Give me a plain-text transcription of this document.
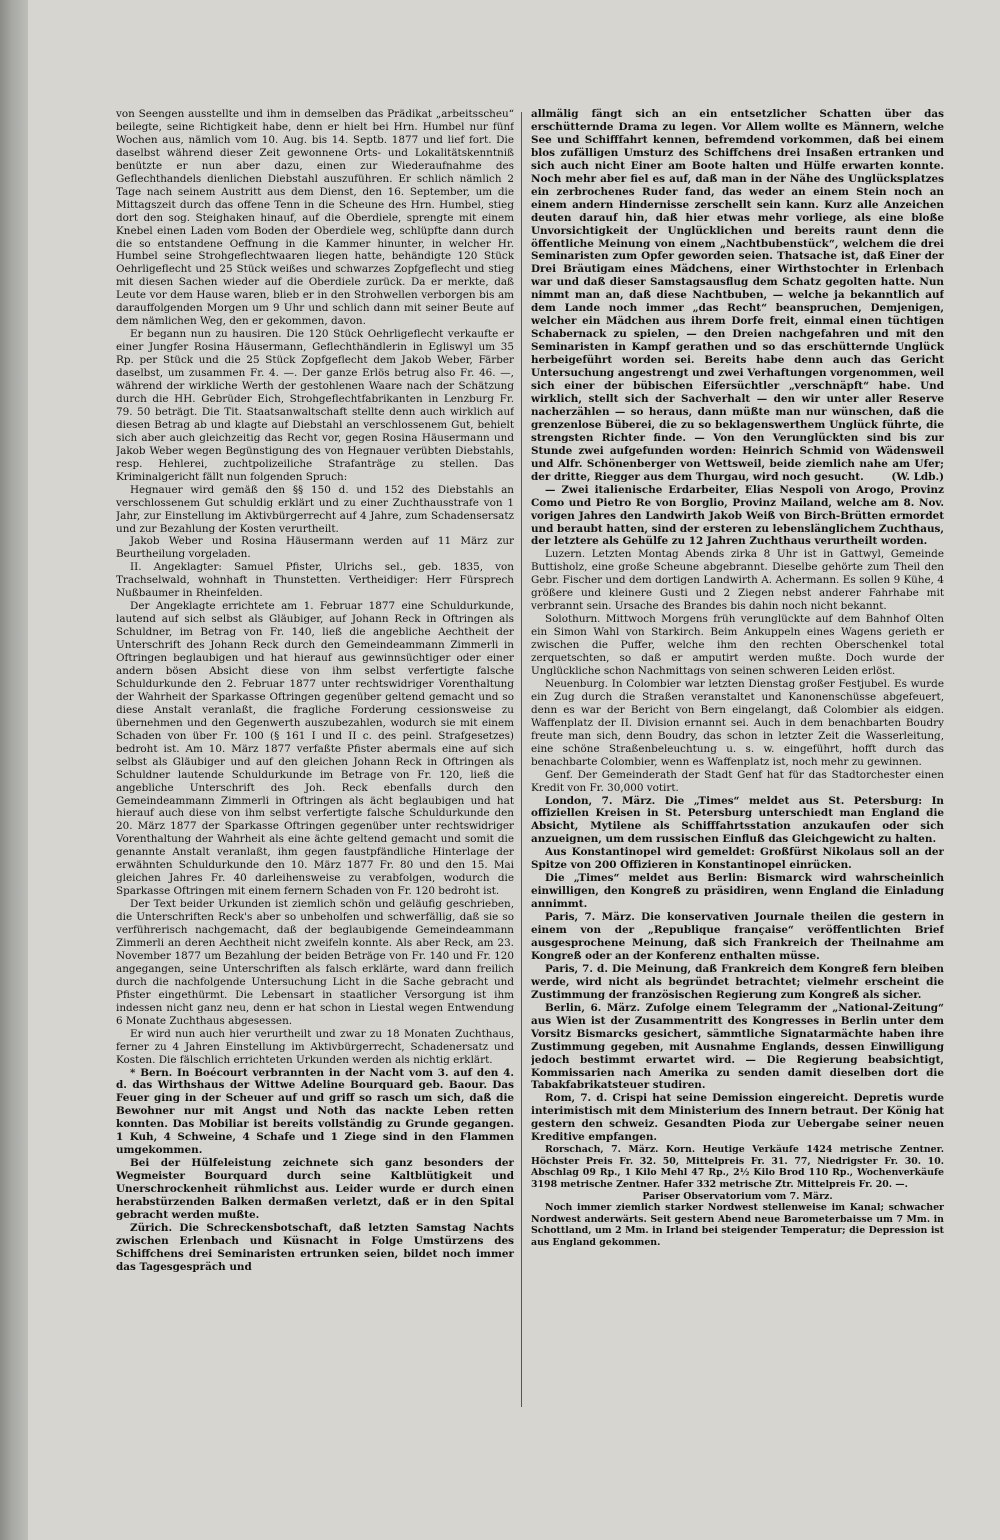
von Seengen ausstellte und ihm in demselben das Prädikat „arbeitsscheu“ beilegte, seine Richtigkeit habe, denn er hielt bei Hrn. Humbel nur fünf Wochen aus, nämlich vom 10. Aug. bis 14. Septb. 1877 und lief fort. Die daselbst während dieser Zeit gewonnene Orts- und Lokalitätskenntniß benützte er nun aber dazu, einen zur Wiederaufnahme des Geflechthandels dienlichen Diebstahl auszuführen. Er schlich nämlich 2 Tage nach seinem Austritt aus dem Dienst, den 16. September, um die Mittagszeit durch das offene Tenn in die Scheune des Hrn. Humbel, stieg dort den sog. Steighaken hinauf, auf die Oberdiele, sprengte mit einem Knebel einen Laden vom Boden der Oberdiele weg, schlüpfte dann durch die so entstandene Oeffnung in die Kammer hinunter, in welcher Hr. Humbel seine Strohgeflechtwaaren liegen hatte, behändigte 120 Stück Oehrligeflecht und 25 Stück weißes und schwarzes Zopfgeflecht und stieg mit diesen Sachen wieder auf die Oberdiele zurück. Da er merkte, daß Leute vor dem Hause waren, blieb er in den Strohwellen verborgen bis am darauffolgenden Morgen um 9 Uhr und schlich dann mit seiner Beute auf dem nämlichen Weg, den er gekommen, davon.

Er begann nun zu hausiren. Die 120 Stück Oehrligeflecht verkaufte er einer Jungfer Rosina Häusermann, Geflechthändlerin in Egliswyl um 35 Rp. per Stück und die 25 Stück Zopfgeflecht dem Jakob Weber, Färber daselbst, um zusammen Fr. 4. —. Der ganze Erlös betrug also Fr. 46. —, während der wirkliche Werth der gestohlenen Waare nach der Schätzung durch die HH. Gebrüder Eich, Strohgeflechtfabrikanten in Lenzburg Fr. 79. 50 beträgt. Die Tit. Staatsanwaltschaft stellte denn auch wirklich auf diesen Betrag ab und klagte auf Diebstahl an verschlossenem Gut, behielt sich aber auch gleichzeitig das Recht vor, gegen Rosina Häusermann und Jakob Weber wegen Begünstigung des von Hegnauer verübten Diebstahls, resp. Hehlerei, zuchtpolizeiliche Strafanträge zu stellen. Das Kriminalgericht fällt nun folgenden Spruch:

Hegnauer wird gemäß den §§ 150 d. und 152 des Diebstahls an verschlossenem Gut schuldig erklärt und zu einer Zuchthausstrafe von 1 Jahr, zur Einstellung im Aktivbürgerrecht auf 4 Jahre, zum Schadensersatz und zur Bezahlung der Kosten verurtheilt.

Jakob Weber und Rosina Häusermann werden auf 11 März zur Beurtheilung vorgeladen.

II. Angeklagter: Samuel Pfister, Ulrichs sel., geb. 1835, von Trachselwald, wohnhaft in Thunstetten. Vertheidiger: Herr Fürsprech Nußbaumer in Rheinfelden.

Der Angeklagte errichtete am 1. Februar 1877 eine Schuldurkunde, lautend auf sich selbst als Gläubiger, auf Johann Reck in Oftringen als Schuldner, im Betrag von Fr. 140, ließ die angebliche Aechtheit der Unterschrift des Johann Reck durch den Gemeindeammann Zimmerli in Oftringen beglaubigen und hat hierauf aus gewinnsüchtiger oder einer andern bösen Absicht diese von ihm selbst verfertigte falsche Schuldurkunde den 2. Februar 1877 unter rechtswidriger Vorenthaltung der Wahrheit der Sparkasse Oftringen gegenüber geltend gemacht und so diese Anstalt veranlaßt, die fragliche Forderung cessionsweise zu übernehmen und den Gegenwerth auszubezahlen, wodurch sie mit einem Schaden von über Fr. 100 (§ 161 I und II c. des peinl. Strafgesetzes) bedroht ist. Am 10. März 1877 verfaßte Pfister abermals eine auf sich selbst als Gläubiger und auf den gleichen Johann Reck in Oftringen als Schuldner lautende Schuldurkunde im Betrage von Fr. 120, ließ die angebliche Unterschrift des Joh. Reck ebenfalls durch den Gemeindeammann Zimmerli in Oftringen als ächt beglaubigen und hat hierauf auch diese von ihm selbst verfertigte falsche Schuldurkunde den 20. März 1877 der Sparkasse Oftringen gegenüber unter rechtswidriger Vorenthaltung der Wahrheit als eine ächte geltend gemacht und somit die genannte Anstalt veranlaßt, ihm gegen faustpfändliche Hinterlage der erwähnten Schuldurkunde den 10. März 1877 Fr. 80 und den 15. Mai gleichen Jahres Fr. 40 darleihensweise zu verabfolgen, wodurch die Sparkasse Oftringen mit einem fernern Schaden von Fr. 120 bedroht ist.

Der Text beider Urkunden ist ziemlich schön und geläufig geschrieben, die Unterschriften Reck's aber so unbeholfen und schwerfällig, daß sie so verführerisch nachgemacht, daß der beglaubigende Gemeindeammann Zimmerli an deren Aechtheit nicht zweifeln konnte. Als aber Reck, am 23. November 1877 um Bezahlung der beiden Beträge von Fr. 140 und Fr. 120 angegangen, seine Unterschriften als falsch erklärte, ward dann freilich durch die nachfolgende Untersuchung Licht in die Sache gebracht und Pfister eingethürmt. Die Lebensart in staatlicher Versorgung ist ihm indessen nicht ganz neu, denn er hat schon in Liestal wegen Entwendung 6 Monate Zuchthaus abgesessen.

Er wird nun auch hier verurtheilt und zwar zu 18 Monaten Zuchthaus, ferner zu 4 Jahren Einstellung im Aktivbürgerrecht, Schadenersatz und Kosten. Die fälschlich errichteten Urkunden werden als nichtig erklärt.

* Bern. In Boécourt verbrannten in der Nacht vom 3. auf den 4. d. das Wirthshaus der Wittwe Adeline Bourquard geb. Baour. Das Feuer ging in der Scheuer auf und griff so rasch um sich, daß die Bewohner nur mit Angst und Noth das nackte Leben retten konnten. Das Mobiliar ist bereits vollständig zu Grunde gegangen. 1 Kuh, 4 Schweine, 4 Schafe und 1 Ziege sind in den Flammen umgekommen.

Bei der Hülfeleistung zeichnete sich ganz besonders der Wegmeister Bourquard durch seine Kaltblütigkeit und Unerschrockenheit rühmlichst aus. Leider wurde er durch einen herabstürzenden Balken dermaßen verletzt, daß er in den Spital gebracht werden mußte.

Zürich. Die Schreckensbotschaft, daß letzten Samstag Nachts zwischen Erlenbach und Küsnacht in Folge Umstürzens des Schiffchens drei Seminaristen ertrunken seien, bildet noch immer das Tagesgespräch und

allmälig fängt sich an ein entsetzlicher Schatten über das erschütternde Drama zu legen. Vor Allem wollte es Männern, welche See und Schifffahrt kennen, befremdend vorkommen, daß bei einem blos zufälligen Umsturz des Schiffchens drei Insaßen ertranken und sich auch nicht Einer am Boote halten und Hülfe erwarten konnte. Noch mehr aber fiel es auf, daß man in der Nähe des Unglücksplatzes ein zerbrochenes Ruder fand, das weder an einem Stein noch an einem andern Hindernisse zerschellt sein kann. Kurz alle Anzeichen deuten darauf hin, daß hier etwas mehr vorliege, als eine bloße Unvorsichtigkeit der Unglücklichen und bereits raunt denn die öffentliche Meinung von einem „Nachtbubenstück“, welchem die drei Seminaristen zum Opfer geworden seien. Thatsache ist, daß Einer der Drei Bräutigam eines Mädchens, einer Wirthstochter in Erlenbach war und daß dieser Samstagsausflug dem Schatz gegolten hatte. Nun nimmt man an, daß diese Nachtbuben, — welche ja bekanntlich auf dem Lande noch immer „das Recht“ beanspruchen, Demjenigen, welcher ein Mädchen aus ihrem Dorfe freit, einmal einen tüchtigen Schabernack zu spielen, — den Dreien nachgefahren und mit den Seminaristen in Kampf gerathen und so das erschütternde Unglück herbeigeführt worden sei. Bereits habe denn auch das Gericht Untersuchung angestrengt und zwei Verhaftungen vorgenommen, weil sich einer der bübischen Eifersüchtler „verschnäpft“ habe. Und wirklich, stellt sich der Sachverhalt — den wir unter aller Reserve nacherzählen — so heraus, dann müßte man nur wünschen, daß die grenzenlose Büberei, die zu so beklagenswerthem Unglück führte, die strengsten Richter finde. — Von den Verunglückten sind bis zur Stunde zwei aufgefunden worden: Heinrich Schmid von Wädensweil und Alfr. Schönenberger von Wettsweil, beide ziemlich nahe am Ufer; der dritte, Riegger aus dem Thurgau, wird noch gesucht.	(W. Ldb.)

— Zwei italienische Erdarbeiter, Elias Nespoli von Arogo, Provinz Como und Pietro Re von Borglio, Provinz Mailand, welche am 8. Nov. vorigen Jahres den Landwirth Jakob Weiß von Birch-Brütten ermordet und beraubt hatten, sind der ersteren zu lebenslänglichem Zuchthaus, der letztere als Gehülfe zu 12 Jahren Zuchthaus verurtheilt worden.

Luzern. Letzten Montag Abends zirka 8 Uhr ist in Gattwyl, Gemeinde Buttisholz, eine große Scheune abgebrannt. Dieselbe gehörte zum Theil den Gebr. Fischer und dem dortigen Landwirth A. Achermann. Es sollen 9 Kühe, 4 größere und kleinere Gusti und 2 Ziegen nebst anderer Fahrhabe mit verbrannt sein. Ursache des Brandes bis dahin noch nicht bekannt.

Solothurn. Mittwoch Morgens früh verunglückte auf dem Bahnhof Olten ein Simon Wahl von Starkirch. Beim Ankuppeln eines Wagens gerieth er zwischen die Puffer, welche ihm den rechten Oberschenkel total zerquetschten, so daß er amputirt werden mußte. Doch wurde der Unglückliche schon Nachmittags von seinen schweren Leiden erlöst.

Neuenburg. In Colombier war letzten Dienstag großer Festjubel. Es wurde ein Zug durch die Straßen veranstaltet und Kanonenschüsse abgefeuert, denn es war der Bericht von Bern eingelangt, daß Colombier als eidgen. Waffenplatz der II. Division ernannt sei. Auch in dem benachbarten Boudry freute man sich, denn Boudry, das schon in letzter Zeit die Wasserleitung, eine schöne Straßenbeleuchtung u. s. w. eingeführt, hofft durch das benachbarte Colombier, wenn es Waffenplatz ist, noch mehr zu gewinnen.

Genf. Der Gemeinderath der Stadt Genf hat für das Stadtorchester einen Kredit von Fr. 30,000 votirt.

London, 7. März. Die „Times“ meldet aus St. Petersburg: In offiziellen Kreisen in St. Petersburg unterschiedt man England die Absicht, Mytilene als Schifffahrtsstation anzukaufen oder sich anzueignen, um dem russischen Einfluß das Gleichgewicht zu halten.

Aus Konstantinopel wird gemeldet: Großfürst Nikolaus soll an der Spitze von 200 Offizieren in Konstantinopel einrücken.

Die „Times“ meldet aus Berlin: Bismarck wird wahrscheinlich einwilligen, den Kongreß zu präsidiren, wenn England die Einladung annimmt.

Paris, 7. März. Die konservativen Journale theilen die gestern in einem von der „Republique française“ veröffentlichten Brief ausgesprochene Meinung, daß sich Frankreich der Theilnahme am Kongreß oder an der Konferenz enthalten müsse.

Paris, 7. d. Die Meinung, daß Frankreich dem Kongreß fern bleiben werde, wird nicht als begründet betrachtet; vielmehr erscheint die Zustimmung der französischen Regierung zum Kongreß als sicher.

Berlin, 6. März. Zufolge einem Telegramm der „National-Zeitung“ aus Wien ist der Zusammentritt des Kongresses in Berlin unter dem Vorsitz Bismarcks gesichert, sämmtliche Signatarmächte haben ihre Zustimmung gegeben, mit Ausnahme Englands, dessen Einwilligung jedoch bestimmt erwartet wird. — Die Regierung beabsichtigt, Kommissarien nach Amerika zu senden damit dieselben dort die Tabakfabrikatsteuer studiren.

Rom, 7. d. Crispi hat seine Demission eingereicht. Depretis wurde interimistisch mit dem Ministerium des Innern betraut. Der König hat gestern den schweiz. Gesandten Pioda zur Uebergabe seiner neuen Kreditive empfangen.

Rorschach, 7. März. Korn. Heutige Verkäufe 1424 metrische Zentner. Höchster Preis Fr. 32. 50, Mittelpreis Fr. 31. 77, Niedrigster Fr. 30. 10. Abschlag 09 Rp., 1 Kilo Mehl 47 Rp., 2½ Kilo Brod 110 Rp., Wochenverkäufe 3198 metrische Zentner. Hafer 332 metrische Ztr. Mittelpreis Fr. 20. —.

Pariser Observatorium vom 7. März.

Noch immer ziemlich starker Nordwest stellenweise im Kanal; schwacher Nordwest anderwärts. Seit gestern Abend neue Barometerbaisse um 7 Mm. in Schottland, um 2 Mm. in Irland bei steigender Temperatur; die Depression ist aus England gekommen.
